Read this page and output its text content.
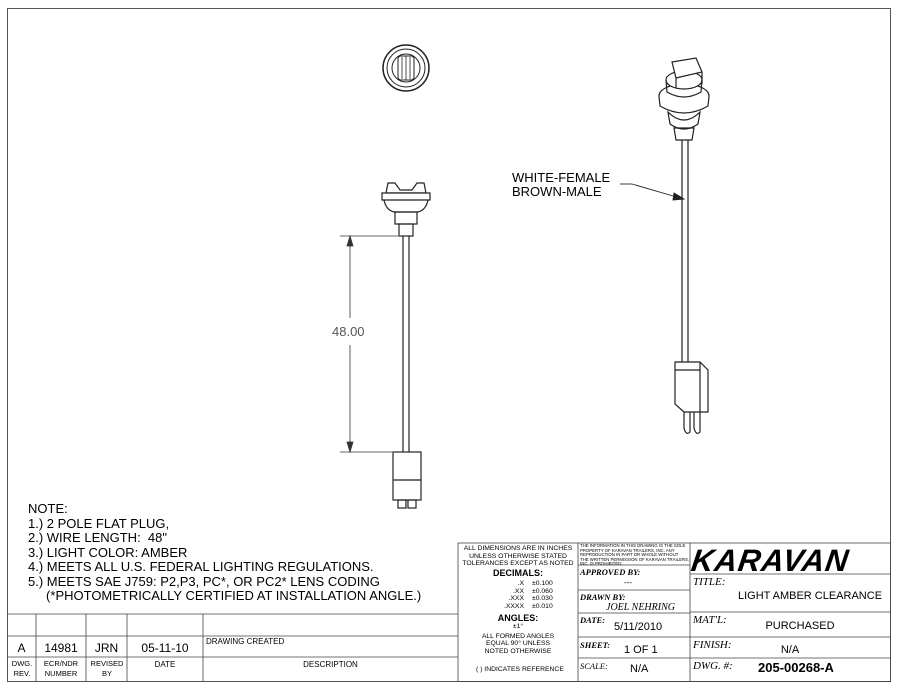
48.00
WHITE-FEMALE
BROWN-MALE
NOTE:
1.) 2 POLE FLAT PLUG,
2.) WIRE LENGTH:  48"
3.) LIGHT COLOR: AMBER
4.) MEETS ALL U.S. FEDERAL LIGHTING REGULATIONS.
5.) MEETS SAE J759: P2,P3, PC*, OR PC2* LENS CODING
(*PHOTOMETRICALLY CERTIFIED AT INSTALLATION ANGLE.)
A	14981	JRN	05-11-10	DRAWING CREATED
DWG. REV.
ECR/NDR NUMBER
REVISED BY
DATE	DESCRIPTION
ALL DIMENSIONS ARE IN INCHES
UNLESS OTHERWISE STATED
TOLERANCES EXCEPT AS NOTED
DECIMALS:
.X	±0.100
.XX	±0.060
.XXX	±0.030
.XXXX	±0.010
ANGLES:
±1°
ALL FORMED ANGLES
EQUAL 90° UNLESS
NOTED OTHERWISE
( ) INDICATES REFERENCE
THE INFORMATION IN THIS DRAWING IS THE SOLE
PROPERTY OF KARAVAN TRAILERS, INC. ANY
REPRODUCTION IN PART OR WHOLE WITHOUT
THE WRITTEN PERMISSION OF KARAVAN TRAILERS,
INC. IS PROHIBITED.
APPROVED BY:
---
DRAWN BY:
JOEL NEHRING
DATE:
5/11/2010
SHEET: 1 OF 1
SCALE: N/A
KARAVAN
TITLE:
LIGHT AMBER CLEARANCE
MAT'L:	PURCHASED
FINISH:	N/A
DWG. #: 205-00268-A
